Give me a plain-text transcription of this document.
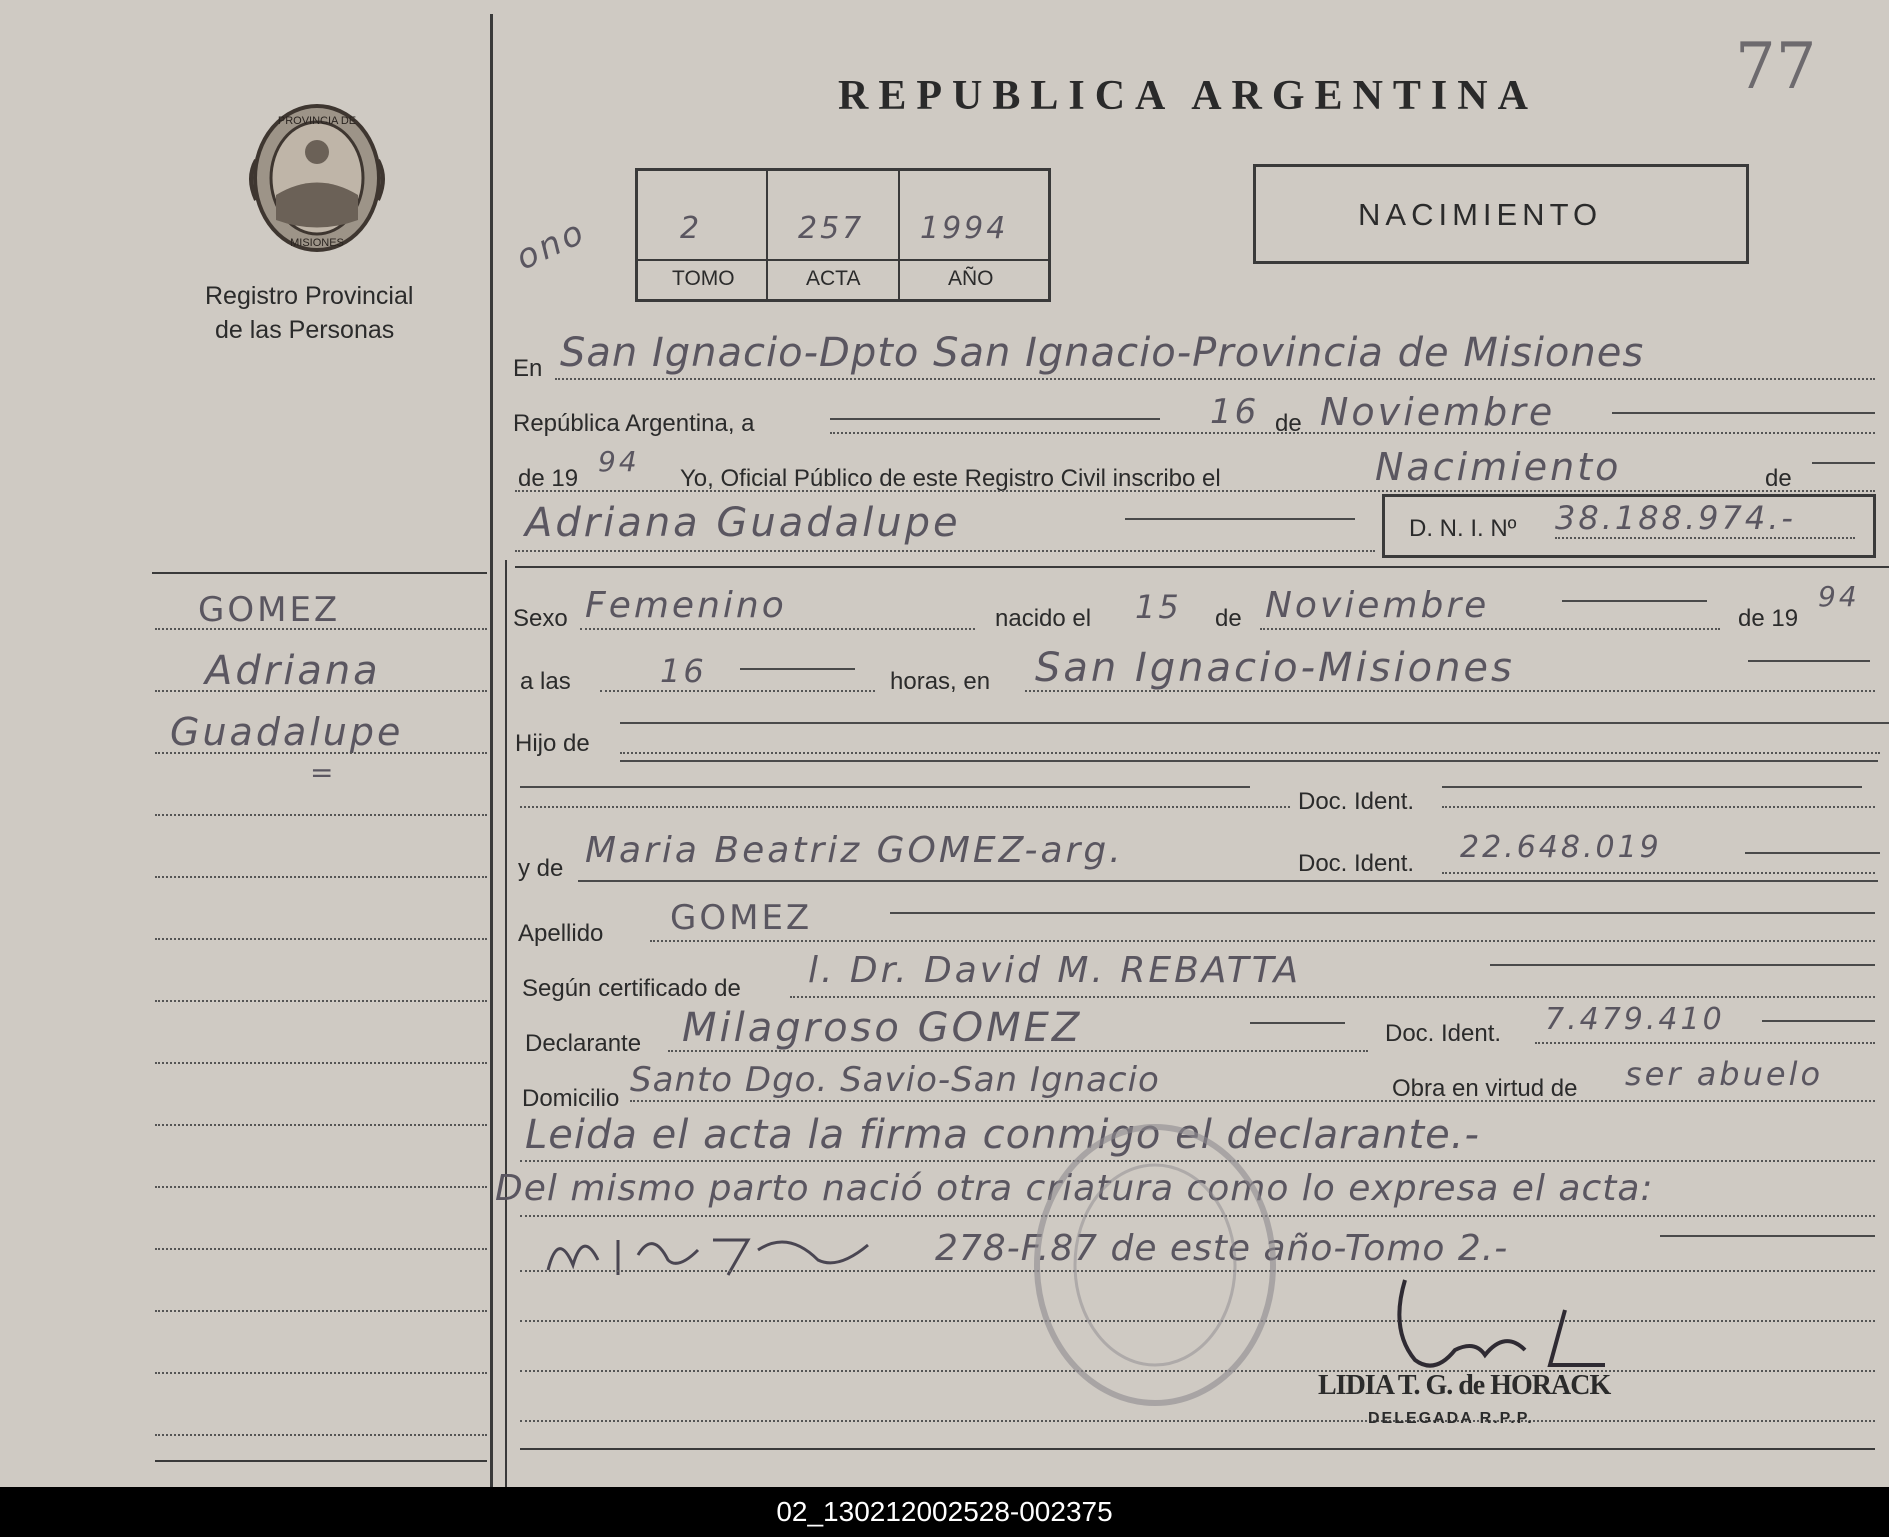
77
PROVINCIA DE
MISIONES
Registro Provincial
de las Personas
REPUBLICA ARGENTINA
ono	2	257 1994
TOMO	ACTA	AÑO
NACIMIENTO
En San Ignacio-Dpto San Ignacio-Provincia de Misiones
República Argentina, a	16 de Noviembre
de 19
94
Yo, Oficial Público de este Registro Civil inscribo el	Nacimiento	de
Adriana Guadalupe	D. N. I. Nº 38.188.974.-
GOMEZ
Adriana
Guadalupe
=
Sexo Femenino	nacido el 15 de Noviembre	de 19
94
a las	16	horas, en San Ignacio-Misiones
Hijo de
Doc. Ident.
y de Maria Beatriz GOMEZ-arg.	Doc. Ident. 22.648.019
Apellido GOMEZ
Según certificado de l. Dr. David M. REBATTA
Declarante Milagroso GOMEZ	Doc. Ident. 7.479.410
Domicilio Santo Dgo. Savio-San Ignacio	Obra en virtud de ser abuelo
Leida el acta la firma conmigo el declarante.-
Del mismo parto nació otra criatura como lo expresa el acta:
278-F.87 de este año-Tomo 2.-
LIDIA T. G. de HORACK
DELEGADA R.P.P.
02_130212002528-002375
